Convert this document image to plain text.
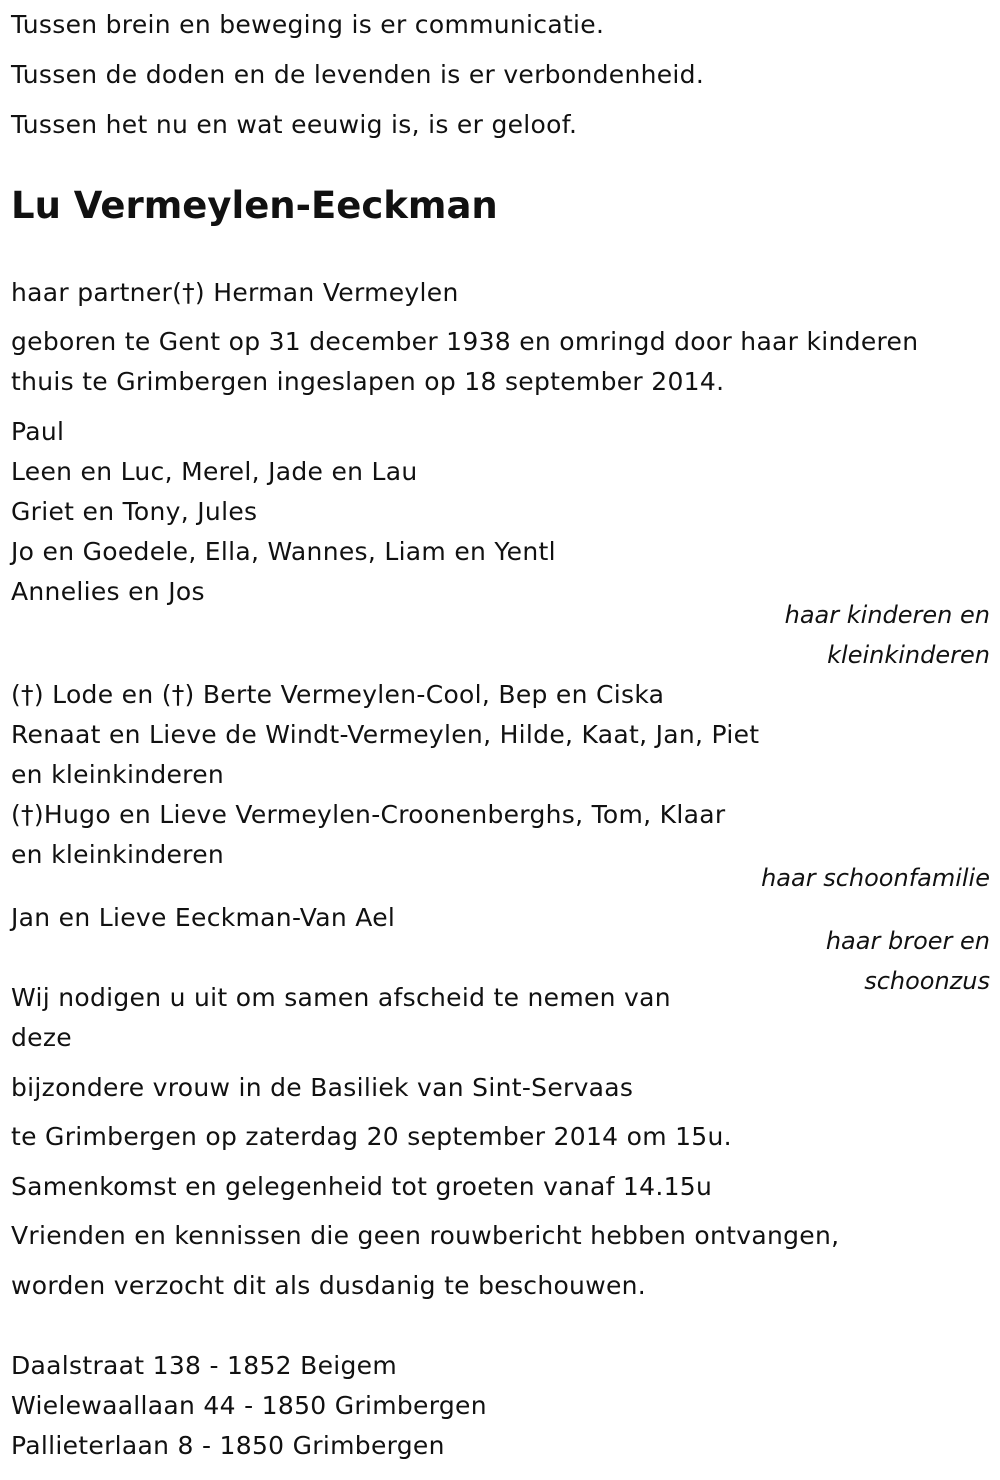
Tussen brein en beweging is er communicatie.
Tussen de doden en de levenden is er verbondenheid.
Tussen het nu en wat eeuwig is, is er geloof.
Lu Vermeylen-Eeckman
haar partner(†) Herman Vermeylen
geboren te Gent op 31 december 1938 en omringd door haar kinderen
thuis te Grimbergen ingeslapen op 18 september 2014.
Paul
Leen en Luc, Merel, Jade en Lau
Griet en Tony, Jules
Jo en Goedele, Ella, Wannes, Liam en Yentl
Annelies en Jos
haar kinderen en
kleinkinderen
(†) Lode en (†) Berte Vermeylen-Cool, Bep en Ciska
Renaat en Lieve de Windt-Vermeylen, Hilde, Kaat, Jan, Piet
en kleinkinderen
(†)Hugo en Lieve Vermeylen-Croonenberghs, Tom, Klaar
en kleinkinderen
haar schoonfamilie
Jan en Lieve Eeckman-Van Ael
haar broer en
schoonzus
Wij nodigen u uit om samen afscheid te nemen van
deze
bijzondere vrouw in de Basiliek van Sint-Servaas
te Grimbergen op zaterdag 20 september 2014 om 15u.
Samenkomst en gelegenheid tot groeten vanaf 14.15u
Vrienden en kennissen die geen rouwbericht hebben ontvangen,
worden verzocht dit als dusdanig te beschouwen.
Daalstraat 138 - 1852 Beigem
Wielewaallaan 44 - 1850 Grimbergen
Pallieterlaan 8 - 1850 Grimbergen
